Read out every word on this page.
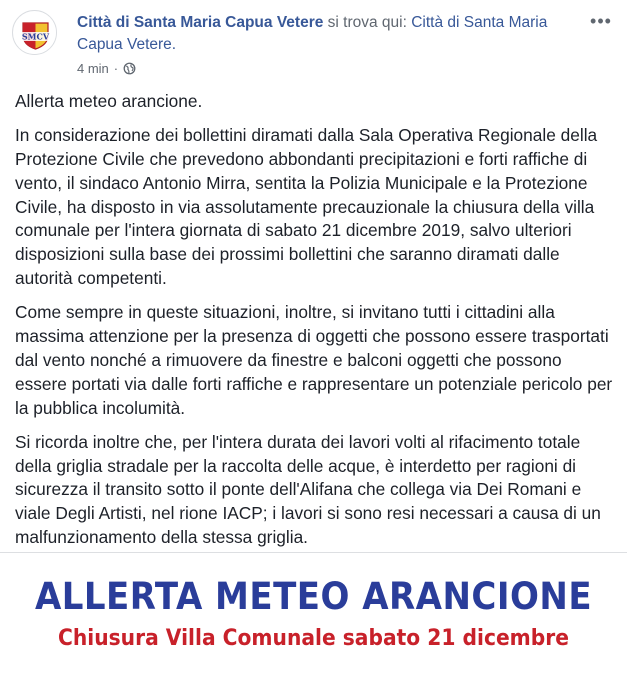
SMCV
Città di Santa Maria Capua Vetere si trova qui: Città di Santa Maria Capua Vetere.
4 min ·
•••

Allerta meteo arancione.

In considerazione dei bollettini diramati dalla Sala Operativa Regionale della Protezione Civile che prevedono abbondanti precipitazioni e forti raffiche di vento, il sindaco Antonio Mirra, sentita la Polizia Municipale e la Protezione Civile, ha disposto in via assolutamente precauzionale la chiusura della villa comunale per l'intera giornata di sabato 21 dicembre 2019, salvo ulteriori disposizioni sulla base dei prossimi bollettini che saranno diramati dalle autorità competenti.

Come sempre in queste situazioni, inoltre, si invitano tutti i cittadini alla massima attenzione per la presenza di oggetti che possono essere trasportati dal vento nonché a rimuovere da finestre e balconi oggetti che possono essere portati via dalle forti raffiche e rappresentare un potenziale pericolo per la pubblica incolumità.

Si ricorda inoltre che, per l'intera durata dei lavori volti al rifacimento totale della griglia stradale per la raccolta delle acque, è interdetto per ragioni di sicurezza il transito sotto il ponte dell'Alifana che collega via Dei Romani e viale Degli Artisti, nel rione IACP; i lavori si sono resi necessari a causa di un malfunzionamento della stessa griglia.

ALLERTA METEO ARANCIONE
Chiusura Villa Comunale sabato 21 dicembre
